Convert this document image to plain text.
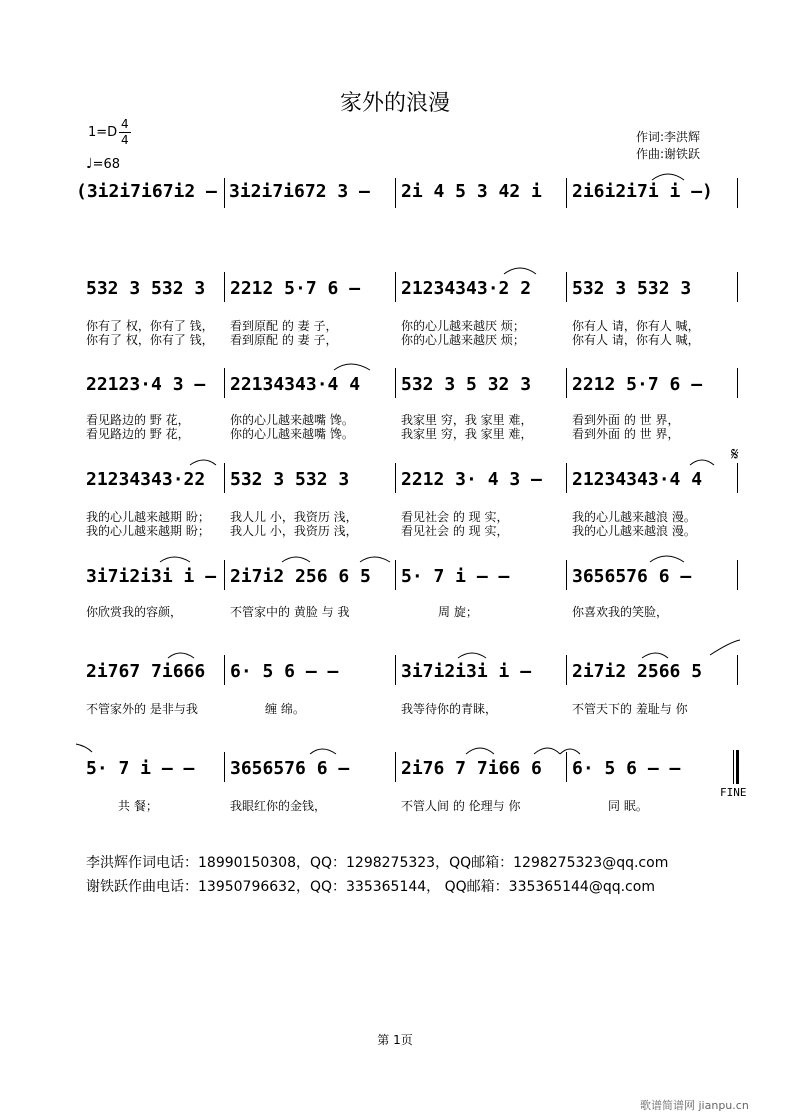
家外的浪漫
1=D
4
4
♩=68
作词:李洪辉
作曲:谢铁跃
(3i2i7i67i2 – 3i2i7i672 3 – 2i 4 5 3 42 i 2i6i2i7i i –)
532 3 532 3 2212 5·7 6 – 21234343·2 2 532 3 532 3
你有了 权，你有了 钱， 看到原配 的 妻 子，	你的心儿越来越厌 烦；	你有人 请，你有人 喊，
你有了 权，你有了 钱， 看到原配 的 妻 子，	你的心儿越来越厌 烦；	你有人 请，你有人 喊，
22123·4 3 – 22134343·4 4 532 3 5 32 3 2212 5·7 6 –
看见路边的 野 花，	你的心儿越来越嘴 馋。	我家里 穷，我 家里 难，	看到外面 的 世 界，
看见路边的 野 花，	你的心儿越来越嘴 馋。	我家里 穷，我 家里 难，	看到外面 的 世 界，
21234343·22 532 3 532 3	2212 3· 4 3 – 21234343·4 4
𝄋
我的心儿越来越期 盼； 我人儿 小，我资历 浅，	看见社会 的 现 实，	我的心儿越来越浪 漫。
我的心儿越来越期 盼； 我人儿 小，我资历 浅，	看见社会 的 现 实，	我的心儿越来越浪 漫。
3i7i2i3i i – 2i7i2 256 6 5 5· 7 i – –	3656576 6 –
你欣赏我的容颜，	不管家中的 黄脸 与 我	周 旋；	你喜欢我的笑脸，
2i767 7i666 6· 5 6 – –	3i7i2i3i i – 2i7i2 2566 5
不管家外的 是非与我	缠 绵。	我等待你的青睐，	不管天下的 羞耻与 你
5· 7 i – – 3656576 6 –	2i76 7 7i66 6 6· 5 6 – –
FINE
共 餐；	我眼红你的金钱，	不管人间 的 伦理与 你	同 眠。
李洪辉作词电话：18990150308，QQ：1298275323，QQ邮箱：1298275323@qq.com
谢铁跃作曲电话：13950796632，QQ：335365144， QQ邮箱：335365144@qq.com
第 1页
歌谱简谱网 jianpu.cn
